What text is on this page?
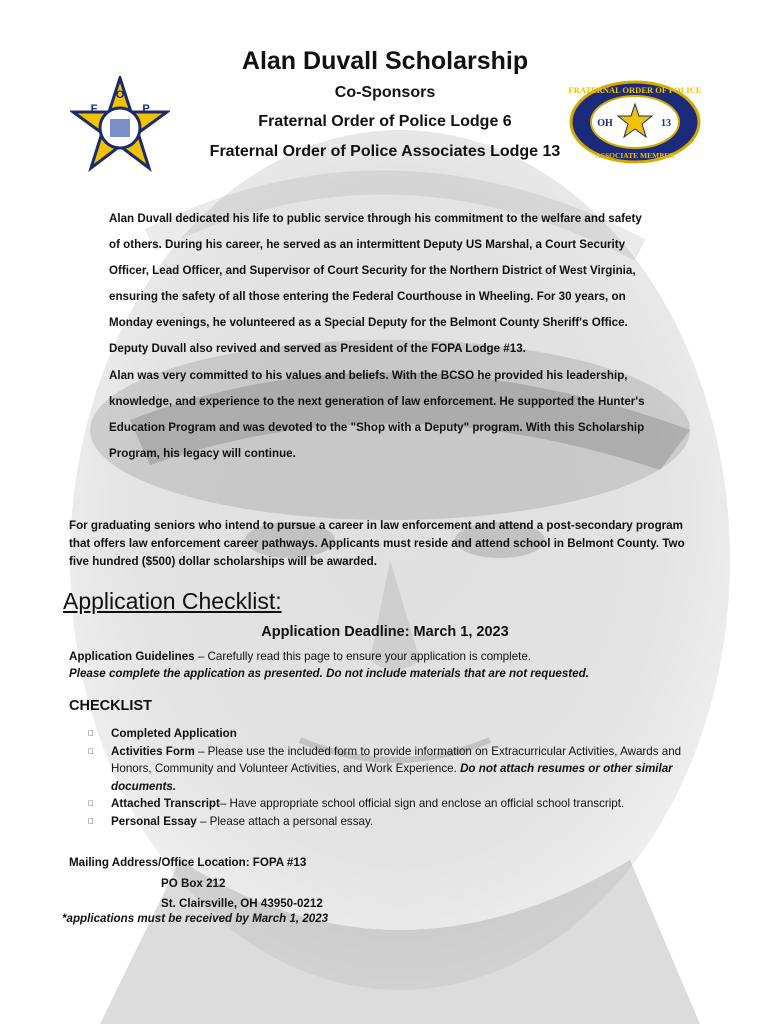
Alan Duvall Scholarship
Co-Sponsors
Fraternal Order of Police Lodge 6
Fraternal Order of Police Associates Lodge 13
F
O
P
FRATERNAL ORDER OF POLICE
ASSOCIATE MEMBER
OH	13

Alan Duvall dedicated his life to public service through his commitment to the welfare and safety of others. During his career, he served as an intermittent Deputy US Marshal, a Court Security Officer, Lead Officer, and Supervisor of Court Security for the Northern District of West Virginia, ensuring the safety of all those entering the Federal Courthouse in Wheeling. For 30 years, on Monday evenings, he volunteered as a Special Deputy for the Belmont County Sheriff's Office. Deputy Duvall also revived and served as President of the FOPA Lodge #13.

Alan was very committed to his values and beliefs. With the BCSO he provided his leadership, knowledge, and experience to the next generation of law enforcement. He supported the Hunter's Education Program and was devoted to the "Shop with a Deputy" program. With this Scholarship Program, his legacy will continue.

For graduating seniors who intend to pursue a career in law enforcement and attend a post-secondary program that offers law enforcement career pathways. Applicants must reside and attend school in Belmont County. Two five hundred ($500) dollar scholarships will be awarded.
Application Checklist:
Application Deadline: March 1, 2023
Application Guidelines – Carefully read this page to ensure your application is complete.
Please complete the application as presented. Do not include materials that are not requested.
CHECKLIST
Completed Application
Activities Form – Please use the included form to provide information on Extracurricular Activities, Awards and Honors, Community and Volunteer Activities, and Work Experience. Do not attach resumes or other similar documents.
Attached Transcript– Have appropriate school official sign and enclose an official school transcript.
Personal Essay – Please attach a personal essay.
Mailing Address/Office Location: FOPA #13
PO Box 212
St. Clairsville, OH 43950-0212
*applications must be received by March 1, 2023
